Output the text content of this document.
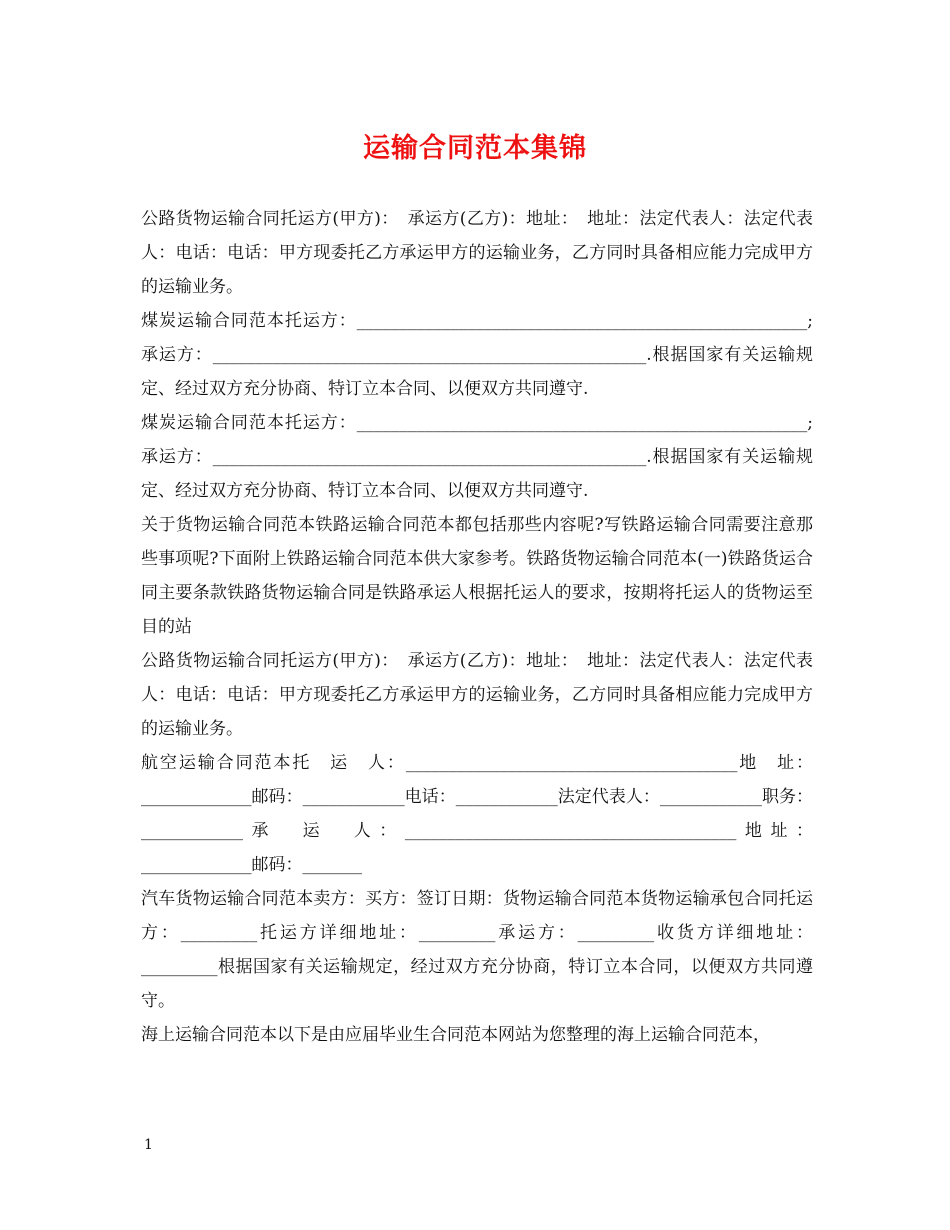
运输合同范本集锦

公路货物运输合同托运方(甲方)：　承运方(乙方)：地址：　地址：法定代表人：法定代表人：电话：电话：甲方现委托乙方承运甲方的运输业务，乙方同时具备相应能力完成甲方的运输业务。

煤炭运输合同范本托运方：_____________________________________________________;承运方：___________________________________________________.根据国家有关运输规定、经过双方充分协商、特订立本合同、以便双方共同遵守.

煤炭运输合同范本托运方：_____________________________________________________;承运方：___________________________________________________.根据国家有关运输规定、经过双方充分协商、特订立本合同、以便双方共同遵守.

关于货物运输合同范本铁路运输合同范本都包括那些内容呢?写铁路运输合同需要注意那些事项呢?下面附上铁路运输合同范本供大家参考。铁路货物运输合同范本(一)铁路货运合同主要条款铁路货物运输合同是铁路承运人根据托运人的要求，按期将托运人的货物运至目的站

公路货物运输合同托运方(甲方)：　承运方(乙方)：地址：　地址：法定代表人：法定代表人：电话：电话：甲方现委托乙方承运甲方的运输业务，乙方同时具备相应能力完成甲方的运输业务。

航空运输合同范本托　运　人：_______________________________________地　址：_____________邮码：____________电话：____________法定代表人：____________职务：____________承　运　人：_______________________________________地址：_____________邮码：_______

汽车货物运输合同范本卖方：买方：签订日期：货物运输合同范本货物运输承包合同托运方：_________托运方详细地址：_________承运方：_________收货方详细地址：_________根据国家有关运输规定，经过双方充分协商，特订立本合同，以便双方共同遵守。

海上运输合同范本以下是由应届毕业生合同范本网站为您整理的海上运输合同范本，

1
